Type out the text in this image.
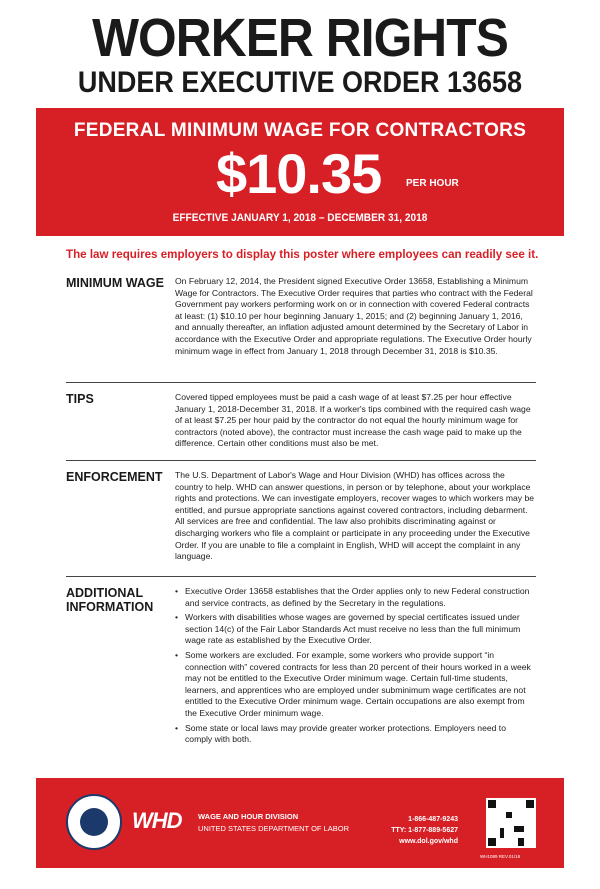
WORKER RIGHTS
UNDER EXECUTIVE ORDER 13658
FEDERAL MINIMUM WAGE FOR CONTRACTORS
$10.35 PER HOUR
EFFECTIVE JANUARY 1, 2018 – DECEMBER 31, 2018
The law requires employers to display this poster where employees can readily see it.
MINIMUM WAGE On February 12, 2014, the President signed Executive Order 13658, Establishing a Minimum Wage for Contractors. The Executive Order requires that parties who contract with the Federal Government pay workers performing work on or in connection with covered Federal contracts at least: (1) $10.10 per hour beginning January 1, 2015; and (2) beginning January 1, 2016, and annually thereafter, an inflation adjusted amount determined by the Secretary of Labor in accordance with the Executive Order and appropriate regulations. The Executive Order hourly minimum wage in effect from January 1, 2018 through December 31, 2018 is $10.35.
TIPS	Covered tipped employees must be paid a cash wage of at least $7.25 per hour effective January 1, 2018-December 31, 2018. If a worker's tips combined with the required cash wage of at least $7.25 per hour paid by the contractor do not equal the hourly minimum wage for contractors (noted above), the contractor must increase the cash wage paid to make up the difference. Certain other conditions must also be met.
ENFORCEMENT The U.S. Department of Labor's Wage and Hour Division (WHD) has offices across the country to help. WHD can answer questions, in person or by telephone, about your workplace rights and protections. We can investigate employers, recover wages to which workers may be entitled, and pursue appropriate sanctions against covered contractors, including debarment. All services are free and confidential. The law also prohibits discriminating against or discharging workers who file a complaint or participate in any proceeding under the Executive Order. If you are unable to file a complaint in English, WHD will accept the complaint in any language.
ADDITIONAL
INFORMATION
• Executive Order 13658 establishes that the Order applies only to new Federal construction and service contracts, as defined by the Secretary in the regulations.
• Workers with disabilities whose wages are governed by special certificates issued under section 14(c) of the Fair Labor Standards Act must receive no less than the full minimum wage rate as established by the Executive Order.
• Some workers are excluded. For example, some workers who provide support “in connection with” covered contracts for less than 20 percent of their hours worked in a week may not be entitled to the Executive Order minimum wage. Certain full-time students, learners, and apprentices who are employed under subminimum wage certificates are not entitled to the Executive Order minimum wage. Certain occupations are also exempt from the Executive Order minimum wage.
• Some state or local laws may provide greater worker protections. Employers need to comply with both.
WHD WAGE AND HOUR DIVISION
UNITED STATES DEPARTMENT OF LABOR
1-866-487-9243
TTY: 1-877-889-5627
www.dol.gov/whd
WH1089 REV.01/18
